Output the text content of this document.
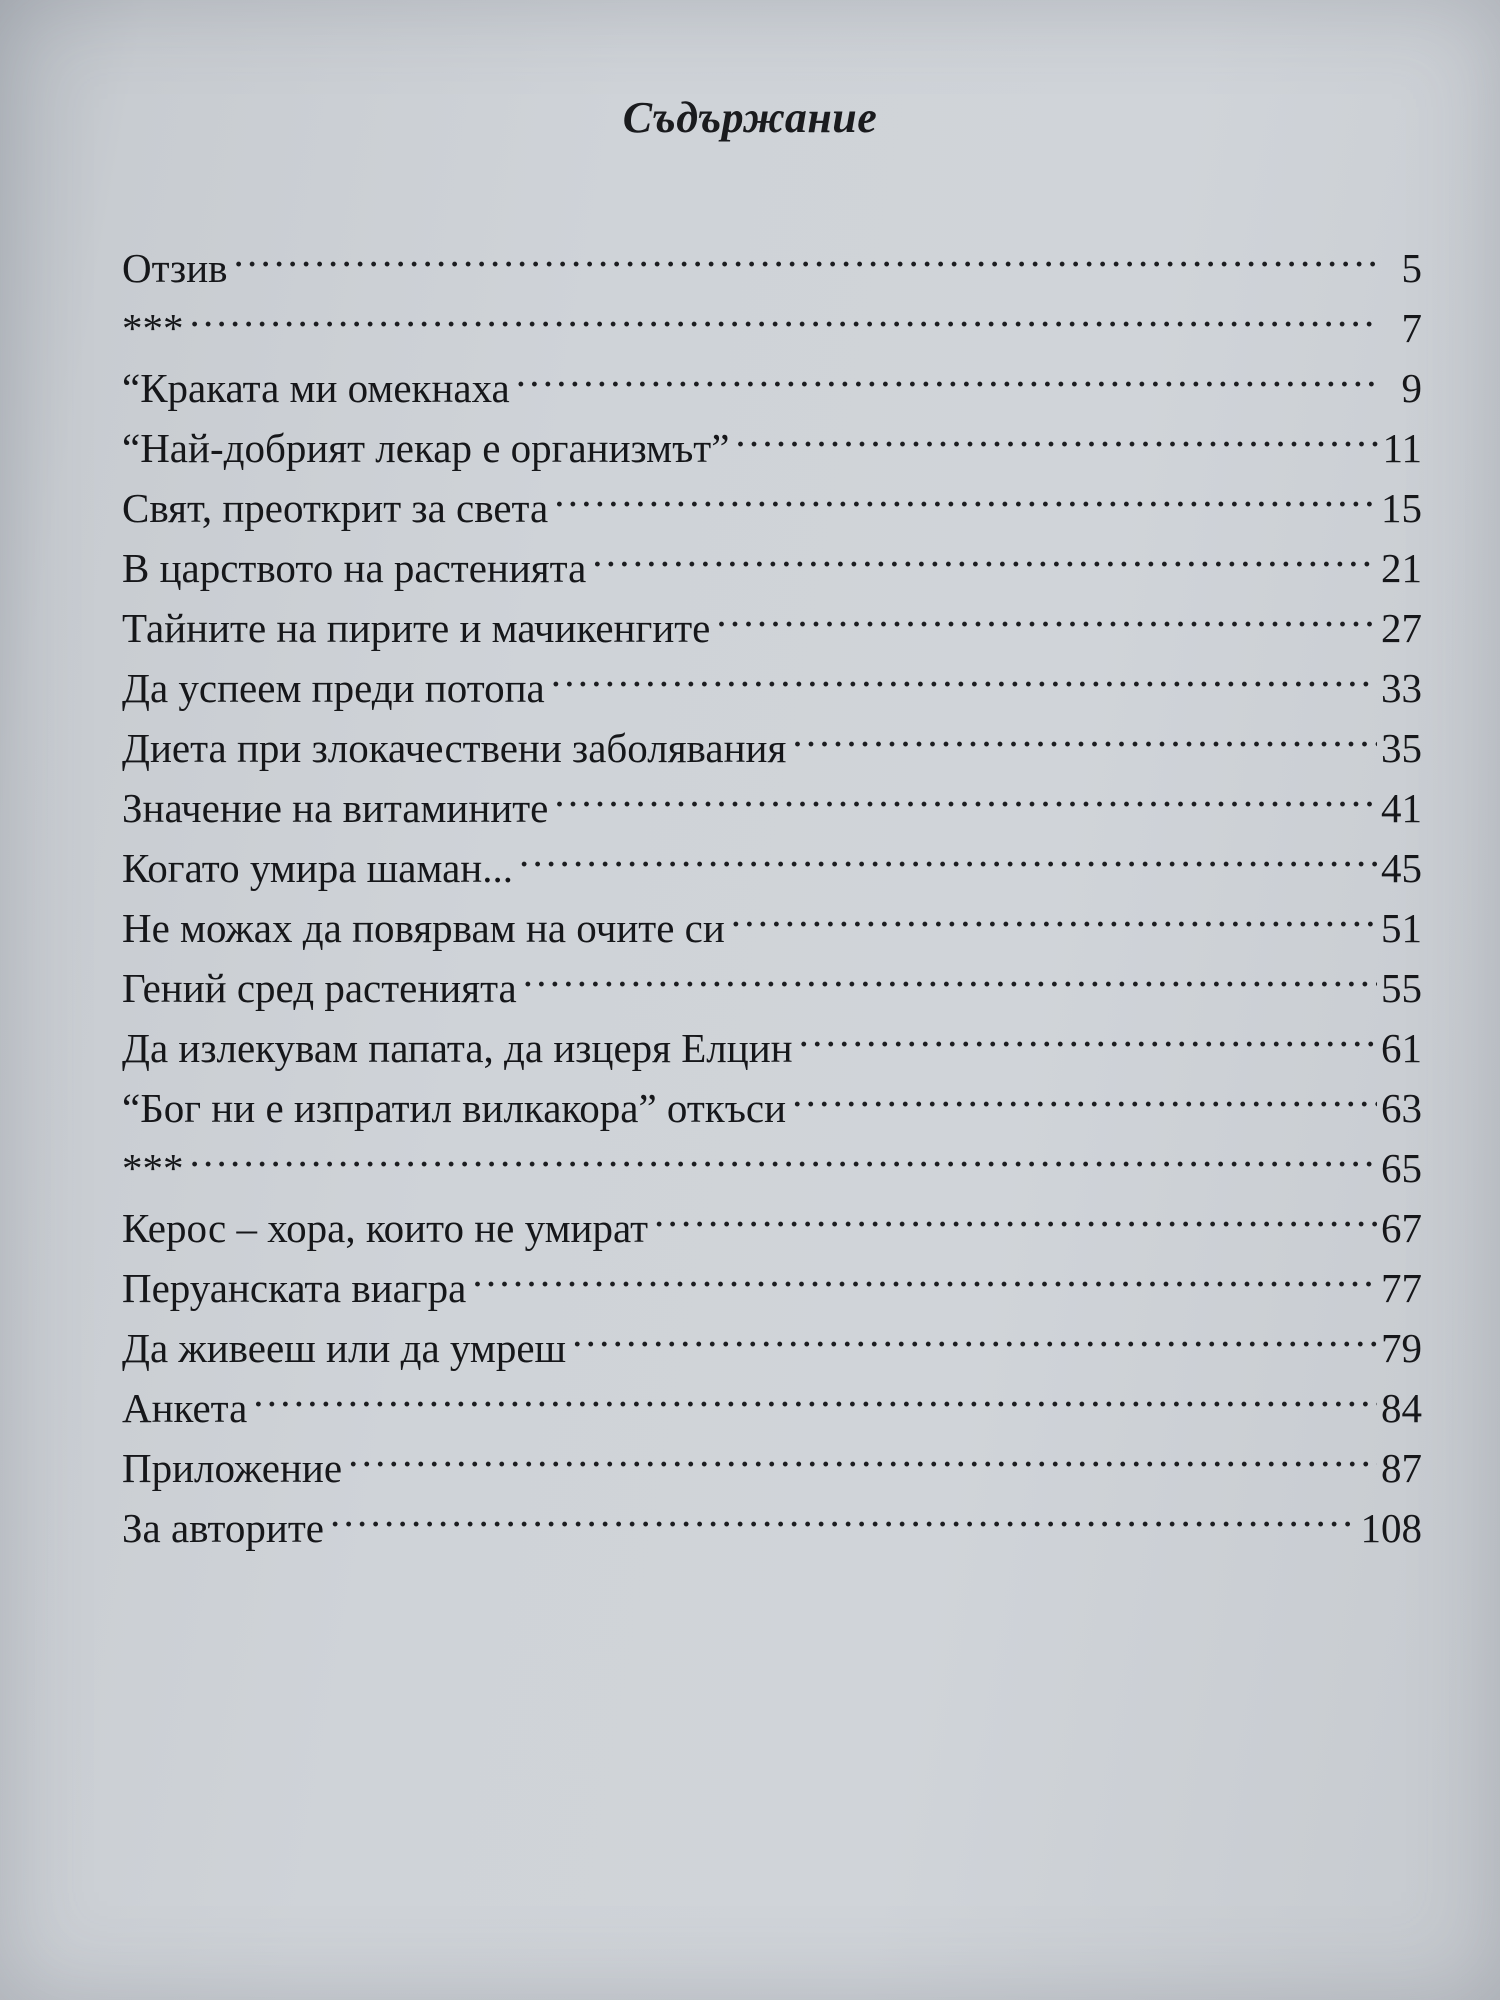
Съдържание
Отзив . . .	5
*** . . .	7
“Краката ми омекнаха . . .	9
“Най-добрият лекар е организмът” . . .	11
Свят, преоткрит за света . . .	15
В царството на растенията . . .	21
Тайните на пирите и мачикенгите . . .	27
Да успеем преди потопа . . .	33
Диета при злокачествени заболявания . . .	35
Значение на витамините . . .	41
Когато умира шаман... . . .	45
Не можах да повярвам на очите си . . .	51
Гений сред растенията . . .	55
Да излекувам папата, да изцеря Елцин . . .	61
“Бог ни е изпратил вилкакора” откъси . . .	63
*** . . .	65
Керос – хора, които не умират . . .	67
Перуанската виагра . . .	77
Да живееш или да умреш . . .	79
Анкета . . .	84
Приложение . . .	87
За авторите . . .	108
